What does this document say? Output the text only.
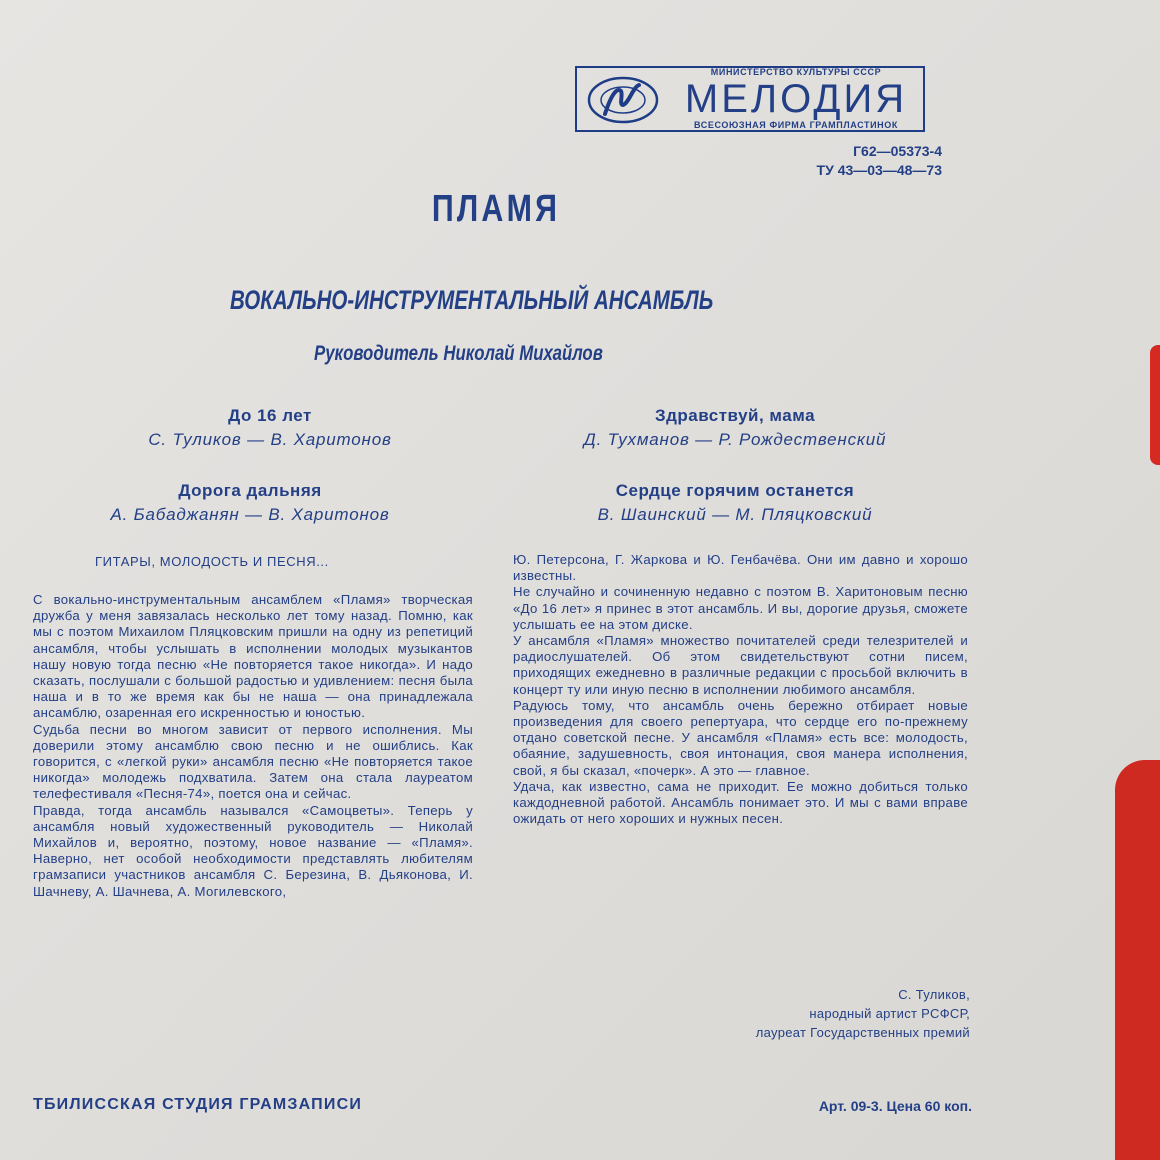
МИНИСТЕРСТВО КУЛЬТУРЫ СССР
МЕЛОДИЯ
ВСЕСОЮЗНАЯ ФИРМА ГРАМПЛАСТИНОК
Г62—05373-4
ТУ 43—03—48—73
ПЛАМЯ
ВОКАЛЬНО-ИНСТРУМЕНТАЛЬНЫЙ АНСАМБЛЬ
Руководитель Николай Михайлов
До 16 лет
С. Туликов — В. Харитонов
Дорога дальняя
А. Бабаджанян — В. Харитонов
Здравствуй, мама
Д. Тухманов — Р. Рождественский
Сердце горячим останется
В. Шаинский — М. Пляцковский
ГИТАРЫ, МОЛОДОСТЬ И ПЕСНЯ...

С вокально-инструментальным ансамблем «Пламя» творческая дружба у меня завязалась несколько лет тому назад. Помню, как мы с поэтом Михаилом Пляцковским пришли на одну из репетиций ансамбля, чтобы услышать в исполнении молодых музыкантов нашу новую тогда песню «Не повторяется такое никогда». И надо сказать, послушали с большой радостью и удивлением: песня была наша и в то же время как бы не наша — она принадлежала ансамблю, озаренная его искренностью и юностью.

Судьба песни во многом зависит от первого исполнения. Мы доверили этому ансамблю свою песню и не ошиблись. Как говорится, с «легкой руки» ансамбля песню «Не повторяется такое никогда» молодежь подхватила. Затем она стала лауреатом телефестиваля «Песня-74», поется она и сейчас.

Правда, тогда ансамбль назывался «Самоцветы». Теперь у ансамбля новый художественный руководитель — Николай Михайлов и, вероятно, поэтому, новое название — «Пламя». Наверно, нет особой необходимости представлять любителям грамзаписи участников ансамбля С. Березина, В. Дьяконова, И. Шачневу, А. Шачнева, А. Могилевского,

Ю. Петерсона, Г. Жаркова и Ю. Генбачёва. Они им давно и хорошо известны.

Не случайно и сочиненную недавно с поэтом В. Харитоновым песню «До 16 лет» я принес в этот ансамбль. И вы, дорогие друзья, сможете услышать ее на этом диске.

У ансамбля «Пламя» множество почитателей среди телезрителей и радиослушателей. Об этом свидетельствуют сотни писем, приходящих ежедневно в различные редакции с просьбой включить в концерт ту или иную песню в исполнении любимого ансамбля.

Радуюсь тому, что ансамбль очень бережно отбирает новые произведения для своего репертуара, что сердце его по-прежнему отдано советской песне. У ансамбля «Пламя» есть все: молодость, обаяние, задушевность, своя интонация, своя манера исполнения, свой, я бы сказал, «почерк». А это — главное.

Удача, как известно, сама не приходит. Ее можно добиться только каждодневной работой. Ансамбль понимает это. И мы с вами вправе ожидать от него хороших и нужных песен.

С. Туликов,
народный артист РСФСР,
лауреат Государственных премий
ТБИЛИССКАЯ СТУДИЯ ГРАМЗАПИСИ	Арт. 09-3. Цена 60 коп.
